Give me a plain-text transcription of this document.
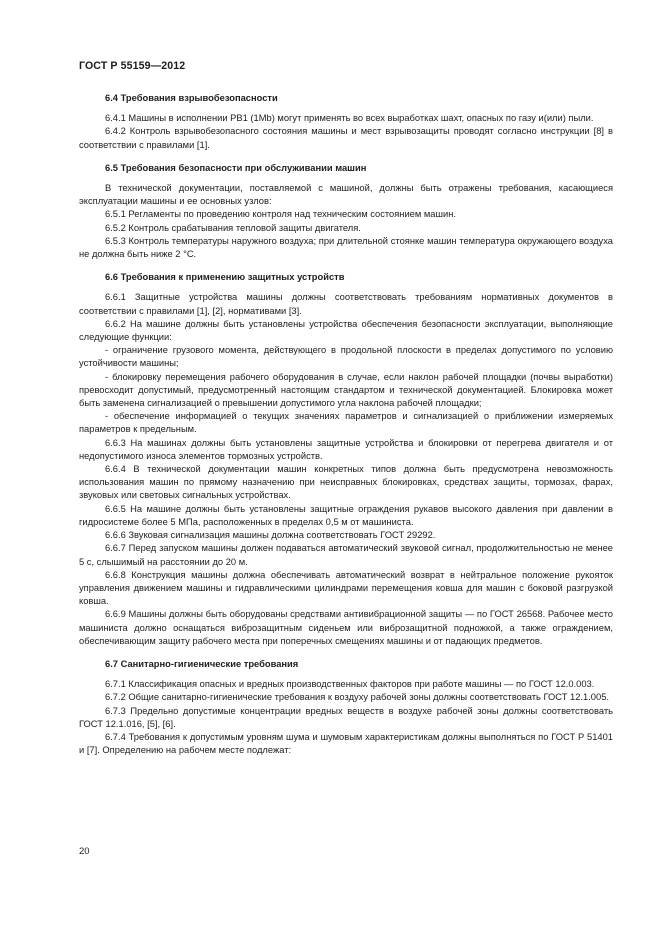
ГОСТ Р 55159—2012
6.4 Требования взрывобезопасности

6.4.1 Машины в исполнении РВ1 (1Mb) могут применять во всех выработках шахт, опасных по газу и(или) пыли.

6.4.2 Контроль взрывобезопасного состояния машины и мест взрывозащиты проводят согласно инструкции [8] в соответствии с правилами [1].

6.5 Требования безопасности при обслуживании машин

В технической документации, поставляемой с машиной, должны быть отражены требования, касающиеся эксплуатации машины и ее основных узлов:

6.5.1 Регламенты по проведению контроля над техническим состоянием машин.

6.5.2 Контроль срабатывания тепловой защиты двигателя.

6.5.3 Контроль температуры наружного воздуха; при длительной стоянке машин температура окружающего воздуха не должна быть ниже 2 °С.

6.6 Требования к применению защитных устройств

6.6.1 Защитные устройства машины должны соответствовать требованиям нормативных документов в соответствии с правилами [1], [2], нормативами [3].

6.6.2 На машине должны быть установлены устройства обеспечения безопасности эксплуатации, выполняющие следующие функции:

- ограничение грузового момента, действующего в продольной плоскости в пределах допустимого по условию устойчивости машины;

- блокировку перемещения рабочего оборудования в случае, если наклон рабочей площадки (почвы выработки) превосходит допустимый, предусмотренный настоящим стандартом и технической документацией. Блокировка может быть заменена сигнализацией о превышении допустимого угла наклона рабочей площадки;

- обеспечение информацией о текущих значениях параметров и сигнализацией о приближении измеряемых параметров к предельным.

6.6.3 На машинах должны быть установлены защитные устройства и блокировки от перегрева двигателя и от недопустимого износа элементов тормозных устройств.

6.6.4 В технической документации машин конкретных типов должна быть предусмотрена невозможность использования машин по прямому назначению при неисправных блокировках, средствах защиты, тормозах, фарах, звуковых или световых сигнальных устройствах.

6.6.5 На машине должны быть установлены защитные ограждения рукавов высокого давления при давлении в гидросистеме более 5 МПа, расположенных в пределах 0,5 м от машиниста.

6.6.6 Звуковая сигнализация машины должна соответствовать ГОСТ 29292.

6.6.7 Перед запуском машины должен подаваться автоматический звуковой сигнал, продолжительностью не менее 5 с, слышимый на расстоянии до 20 м.

6.6.8 Конструкция машины должна обеспечивать автоматический возврат в нейтральное положение рукояток управления движением машины и гидравлическими цилиндрами перемещения ковша для машин с боковой разгрузкой ковша.

6.6.9 Машины должны быть оборудованы средствами антивибрационной защиты — по ГОСТ 26568. Рабочее место машиниста должно оснащаться виброзащитным сиденьем или виброзащитной подножкой, а также ограждением, обеспечивающим защиту рабочего места при поперечных смещениях машины и от падающих предметов.

6.7 Санитарно-гигиенические требования

6.7.1 Классификация опасных и вредных производственных факторов при работе машины — по ГОСТ 12.0.003.

6.7.2 Общие санитарно-гигиенические требования к воздуху рабочей зоны должны соответствовать ГОСТ 12.1.005.

6.7.3 Предельно допустимые концентрации вредных веществ в воздухе рабочей зоны должны соответствовать ГОСТ 12.1.016, [5], [6].

6.7.4 Требования к допустимым уровням шума и шумовым характеристикам должны выполняться по ГОСТ Р 51401 и [7]. Определению на рабочем месте подлежат:

20
